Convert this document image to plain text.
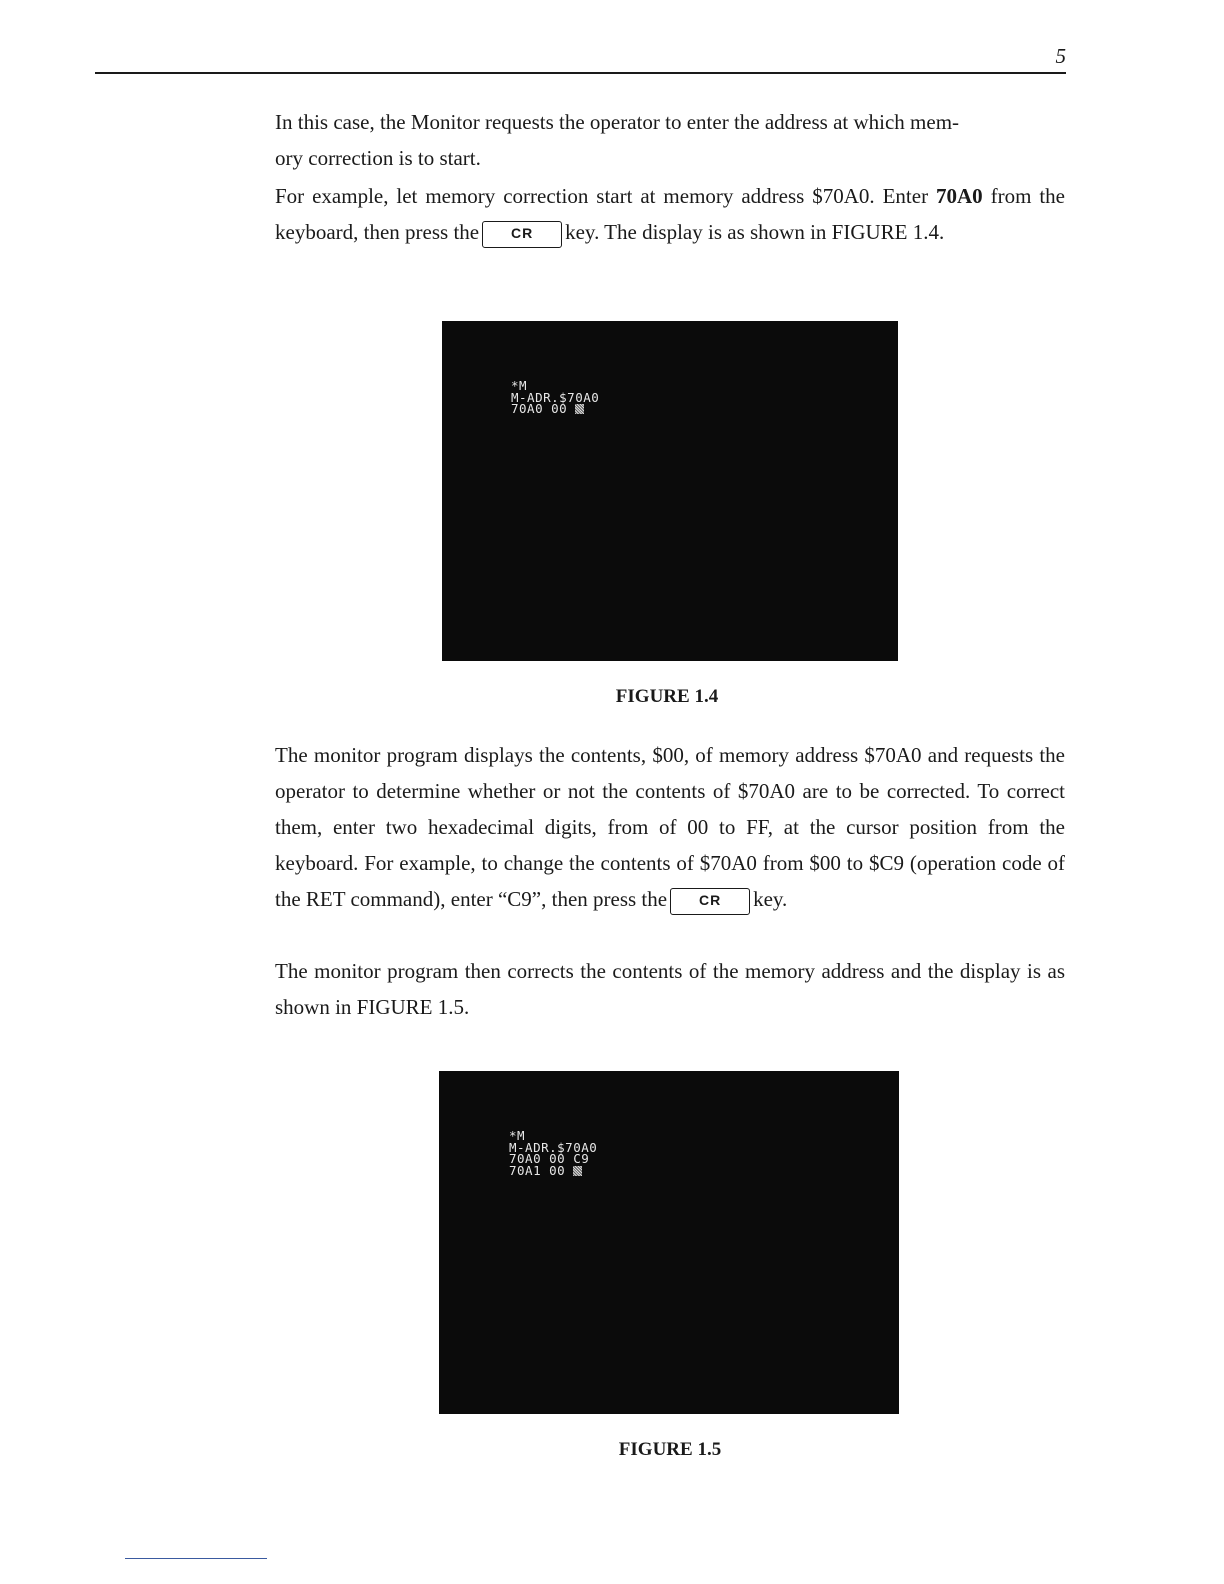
5

In this case, the Monitor requests the operator to enter the address at which mem-
ory correction is to start.

For example, let memory correction start at memory address $70A0. Enter 70A0 from the keyboard, then press the CR key. The display is as shown in FIGURE 1.4.

*M
M-ADR.$70A0
70A0 00

FIGURE 1.4

The monitor program displays the contents, $00, of memory address $70A0 and requests the operator to determine whether or not the contents of $70A0 are to be corrected. To correct them, enter two hexadecimal digits, from of 00 to FF, at the cursor position from the keyboard. For example, to change the contents of $70A0 from $00 to $C9 (operation code of the RET command), enter “C9”, then press the CR key.

The monitor program then corrects the contents of the memory address and the display is as shown in FIGURE 1.5.

*M
M-ADR.$70A0
70A0 00 C9
70A1 00

FIGURE 1.5
